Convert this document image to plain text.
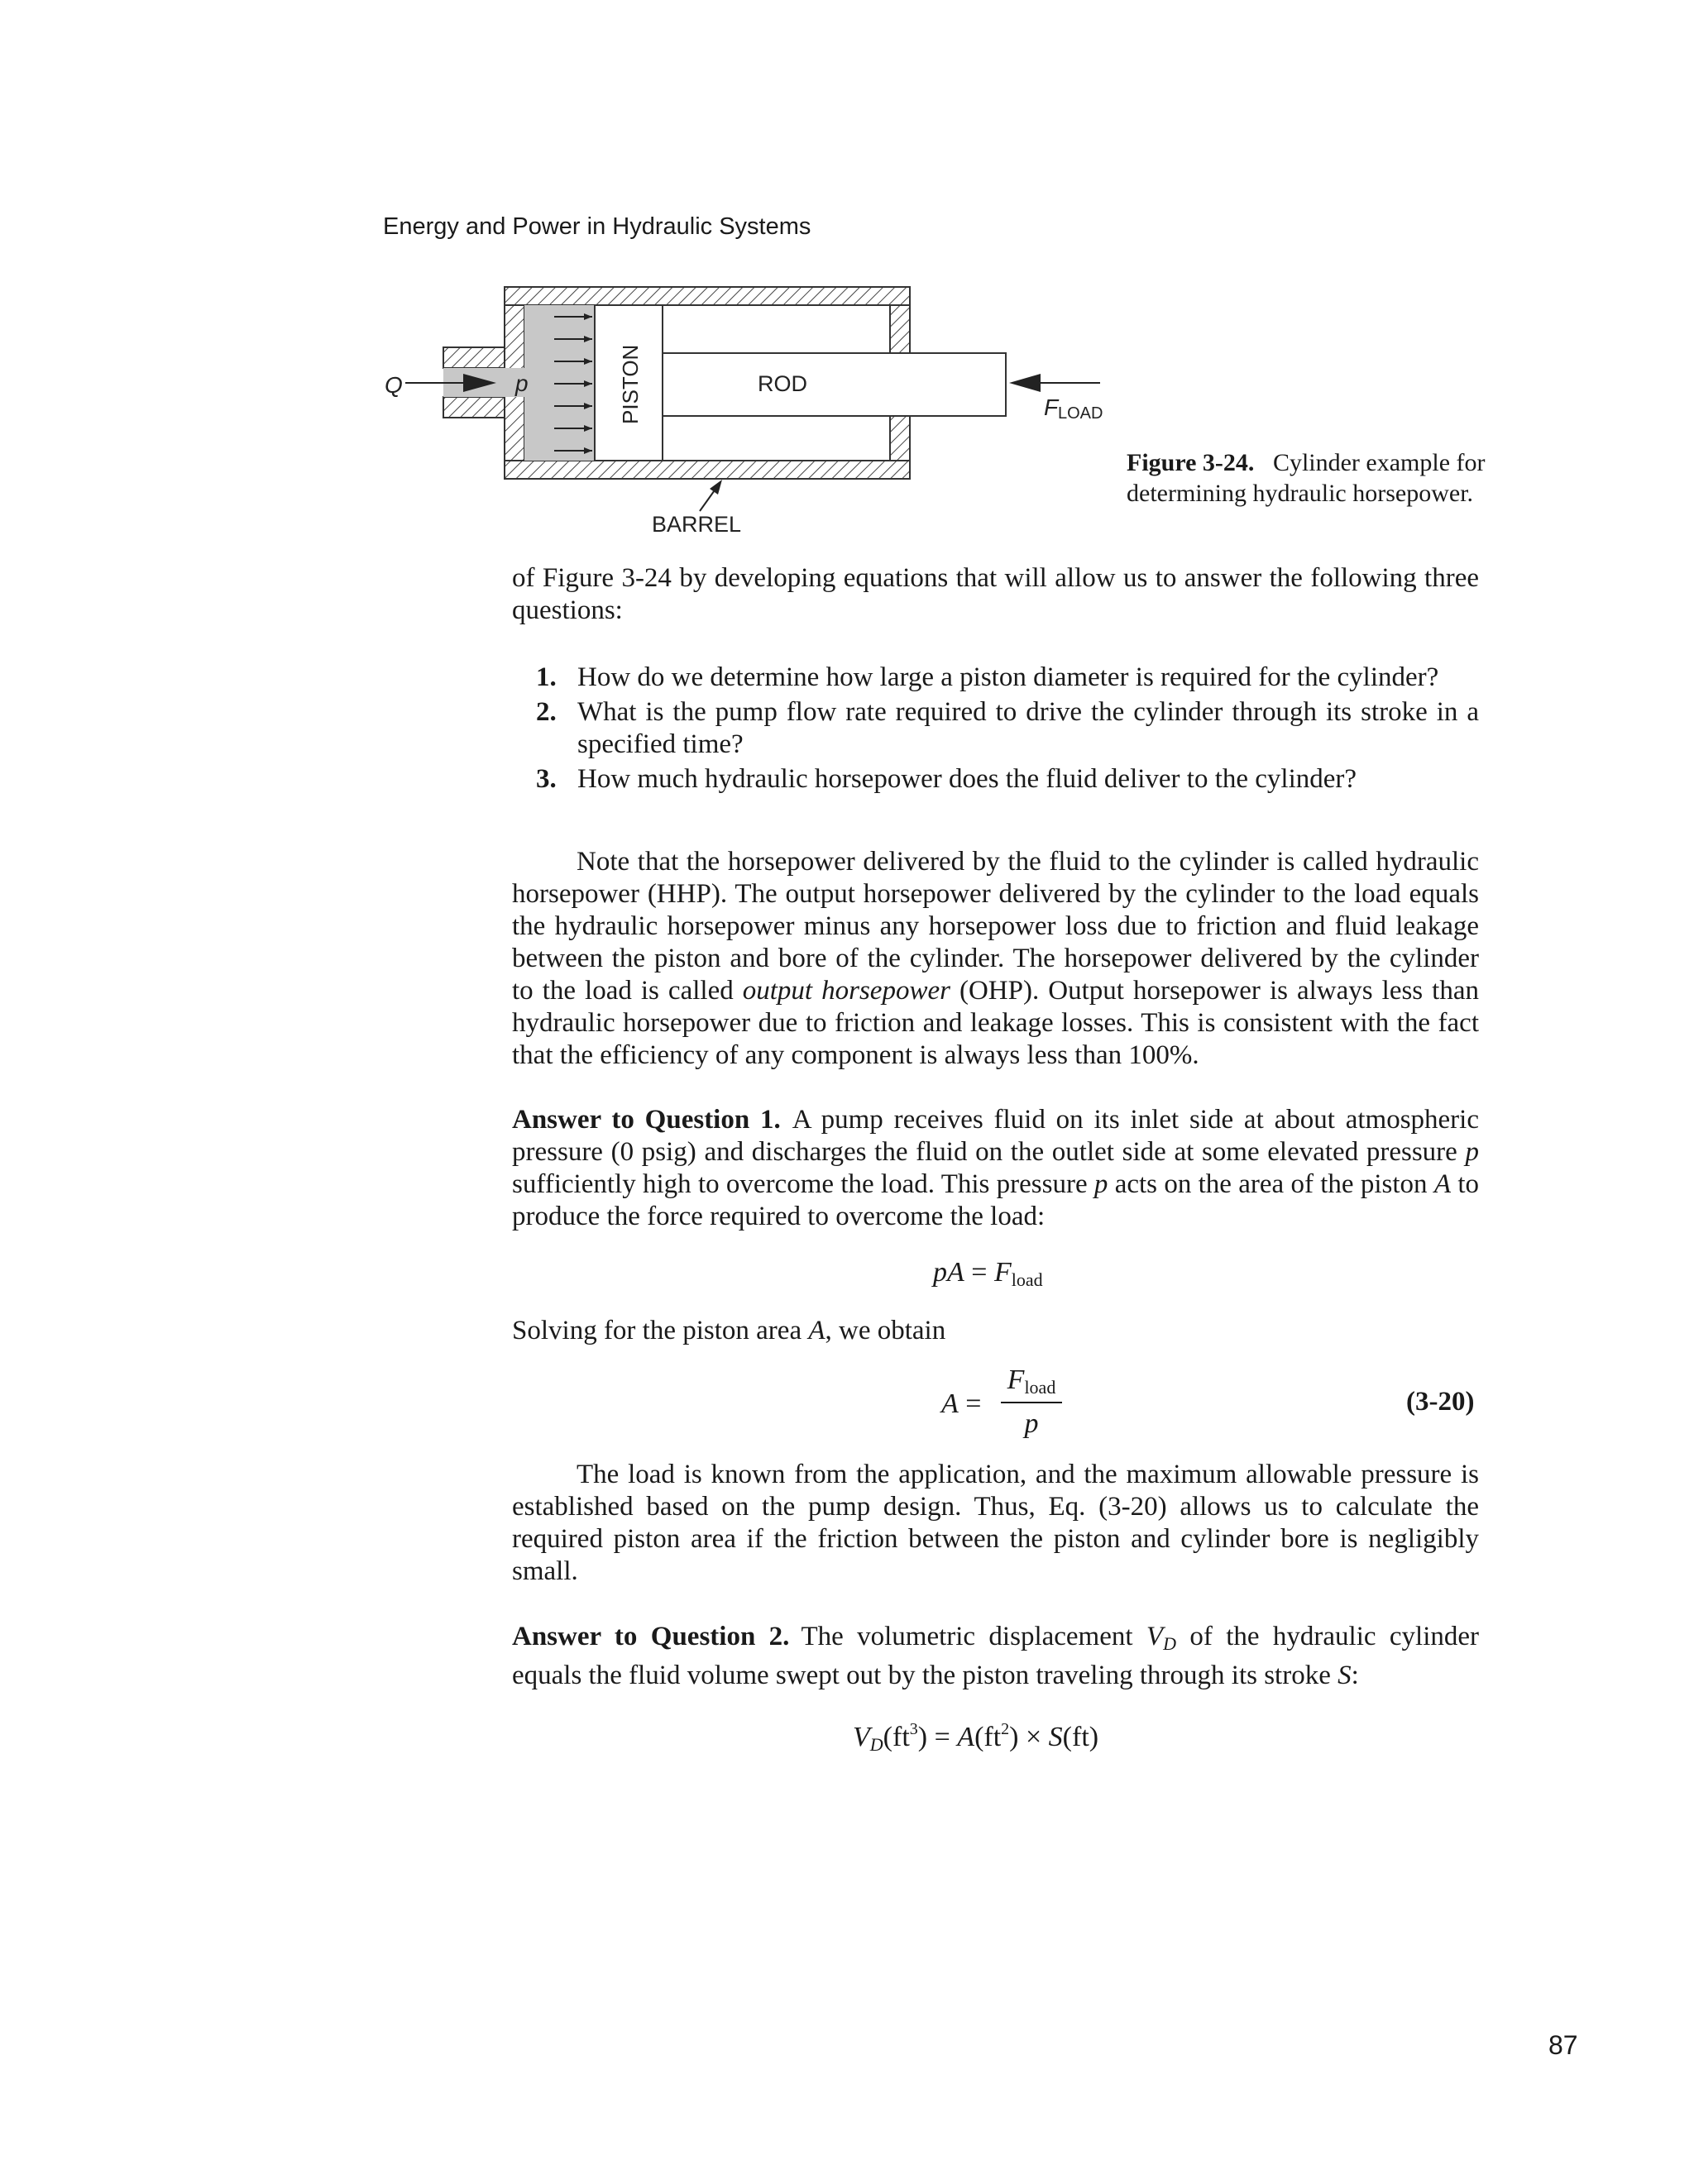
Energy and Power in Hydraulic Systems
Q	p	PISTON	ROD
BARREL
F LOAD
Figure 3-24. Cylinder example for determining hydraulic horsepower.

of Figure 3-24 by developing equations that will allow us to answer the following three questions:

1. How do we determine how large a piston diameter is required for the cylinder?
2. What is the pump flow rate required to drive the cylinder through its stroke in a specified time?
3. How much hydraulic horsepower does the fluid deliver to the cylinder?

Note that the horsepower delivered by the fluid to the cylinder is called hydraulic horsepower (HHP). The output horsepower delivered by the cylinder to the load equals the hydraulic horsepower minus any horsepower loss due to friction and fluid leakage between the piston and bore of the cylinder. The horsepower delivered by the cylinder to the load is called output horsepower (OHP). Output horsepower is always less than hydraulic horsepower due to friction and leakage losses. This is consistent with the fact that the efficiency of any component is always less than 100%.

Answer to Question 1. A pump receives fluid on its inlet side at about atmospheric pressure (0 psig) and discharges the fluid on the outlet side at some elevated pressure p sufficiently high to overcome the load. This pressure p acts on the area of the piston A to produce the force required to overcome the load:

pA = $F_{load}$

Solving for the piston area A, we obtain

A =
$F_{load}$
p
(3-20)

The load is known from the application, and the maximum allowable pressure is established based on the pump design. Thus, Eq. (3-20) allows us to calculate the required piston area if the friction between the piston and cylinder bore is negligibly small.

Answer to Question 2. The volumetric displacement $V_D$ of the hydraulic cylinder equals the fluid volume swept out by the piston traveling through its stroke S:

$V_D(ft^3) = A(ft^2) \times S(ft)$
87
